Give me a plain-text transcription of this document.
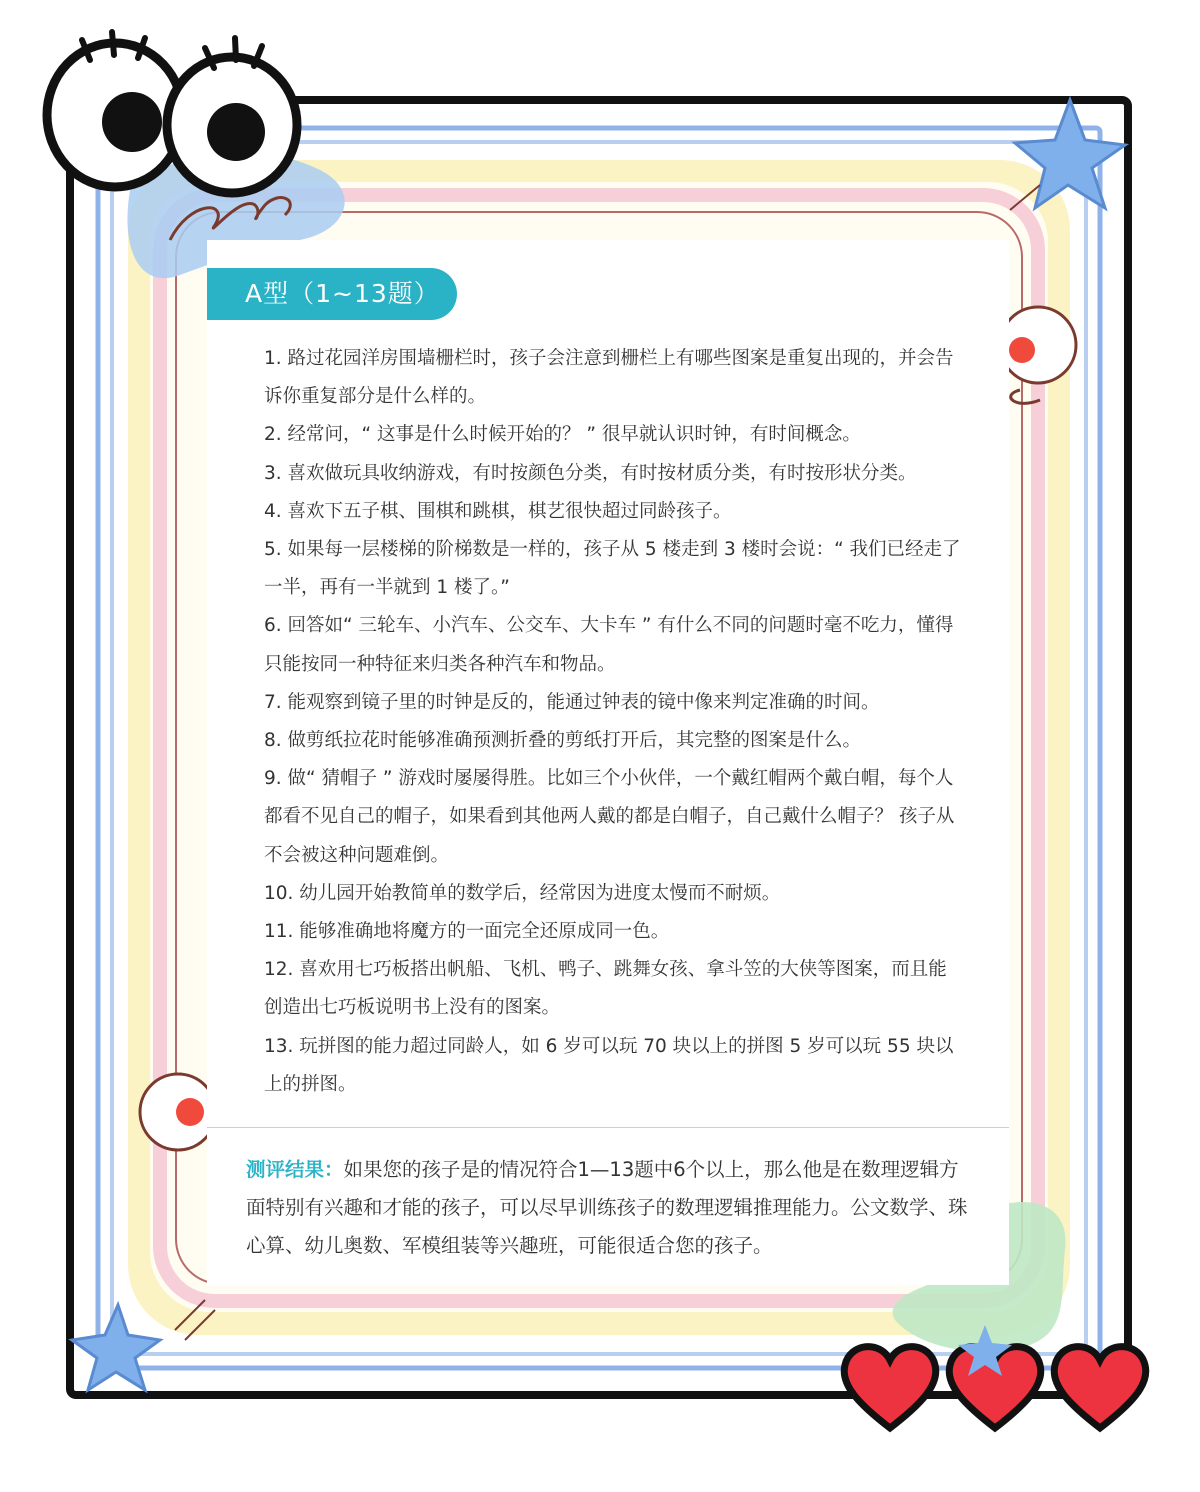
A型（1~13题）
1. 路过花园洋房围墙栅栏时，孩子会注意到栅栏上有哪些图案是重复出现的，并会告诉你重复部分是什么样的。
2. 经常问，“ 这事是什么时候开始的？ ” 很早就认识时钟，有时间概念。
3. 喜欢做玩具收纳游戏，有时按颜色分类，有时按材质分类，有时按形状分类。
4. 喜欢下五子棋、围棋和跳棋，棋艺很快超过同龄孩子。
5. 如果每一层楼梯的阶梯数是一样的，孩子从 5 楼走到 3 楼时会说：“ 我们已经走了一半，再有一半就到 1 楼了。”
6. 回答如“ 三轮车、小汽车、公交车、大卡车 ” 有什么不同的问题时毫不吃力，懂得只能按同一种特征来归类各种汽车和物品。
7. 能观察到镜子里的时钟是反的，能通过钟表的镜中像来判定准确的时间。
8. 做剪纸拉花时能够准确预测折叠的剪纸打开后，其完整的图案是什么。
9. 做“ 猜帽子 ” 游戏时屡屡得胜。比如三个小伙伴，一个戴红帽两个戴白帽，每个人都看不见自己的帽子，如果看到其他两人戴的都是白帽子，自己戴什么帽子？ 孩子从不会被这种问题难倒。
10. 幼儿园开始教简单的数学后，经常因为进度太慢而不耐烦。
11. 能够准确地将魔方的一面完全还原成同一色。
12. 喜欢用七巧板搭出帆船、飞机、鸭子、跳舞女孩、拿斗笠的大侠等图案，而且能创造出七巧板说明书上没有的图案。
13. 玩拼图的能力超过同龄人，如 6 岁可以玩 70 块以上的拼图 5 岁可以玩 55 块以上的拼图。
测评结果：如果您的孩子是的情况符合1—13题中6个以上，那么他是在数理逻辑方面特别有兴趣和才能的孩子，可以尽早训练孩子的数理逻辑推理能力。公文数学、珠心算、幼儿奥数、军模组装等兴趣班，可能很适合您的孩子。
